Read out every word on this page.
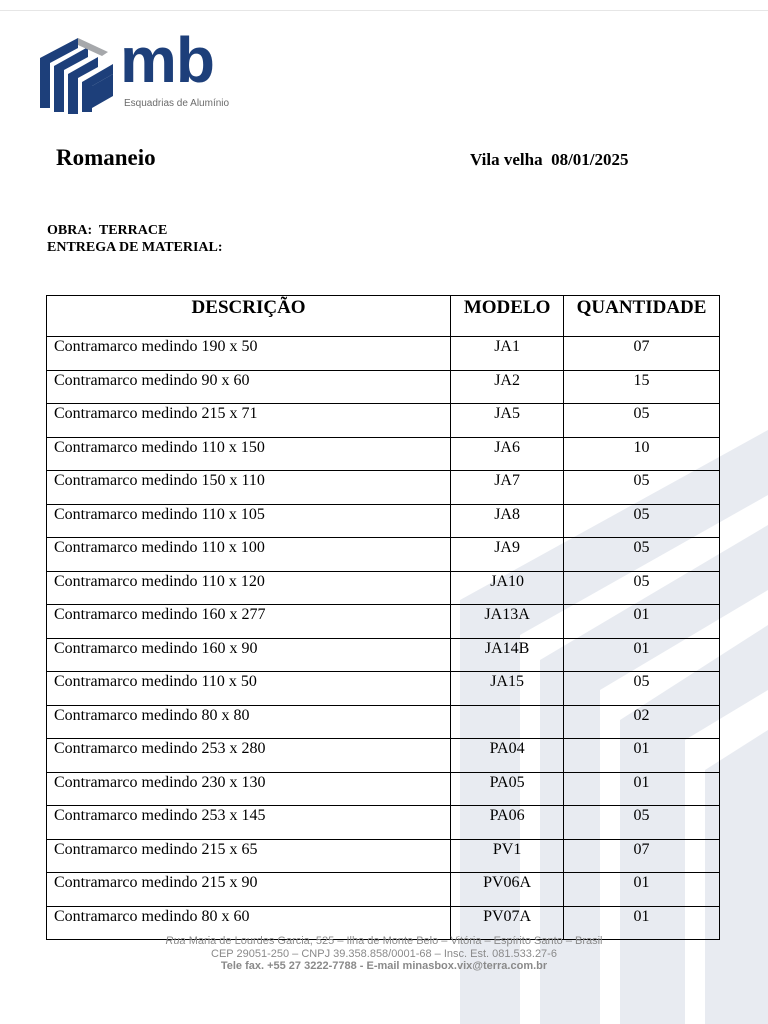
mb
Esquadrias de Alumínio
Romaneio	Vila velha 08/01/2025
OBRA: TERRACE
ENTREGA DE MATERIAL:
DESCRIÇÃO	MODELO	QUANTIDADE
Contramarco medindo 190 x 50	JA1	07
Contramarco medindo 90 x 60	JA2	15
Contramarco medindo 215 x 71	JA5	05
Contramarco medindo 110 x 150	JA6	10
Contramarco medindo 150 x 110	JA7	05
Contramarco medindo 110 x 105	JA8	05
Contramarco medindo 110 x 100	JA9	05
Contramarco medindo 110 x 120	JA10	05
Contramarco medindo 160 x 277	JA13A	01
Contramarco medindo 160 x 90	JA14B	01
Contramarco medindo 110 x 50	JA15	05
Contramarco medindo 80 x 80		02
Contramarco medindo 253 x 280	PA04	01
Contramarco medindo 230 x 130	PA05	01
Contramarco medindo 253 x 145	PA06	05
Contramarco medindo 215 x 65	PV1	07
Contramarco medindo 215 x 90	PV06A	01
Contramarco medindo 80 x 60	PV07A	01
Rua Maria de Lourdes Garcia, 525 – Ilha de Monte Belo – Vitória – Espírito Santo – Brasil
CEP 29051-250 – CNPJ 39.358.858/0001-68 – Insc. Est. 081.533.27-6
Tele fax. +55 27 3222-7788 - E-mail minasbox.vix@terra.com.br
